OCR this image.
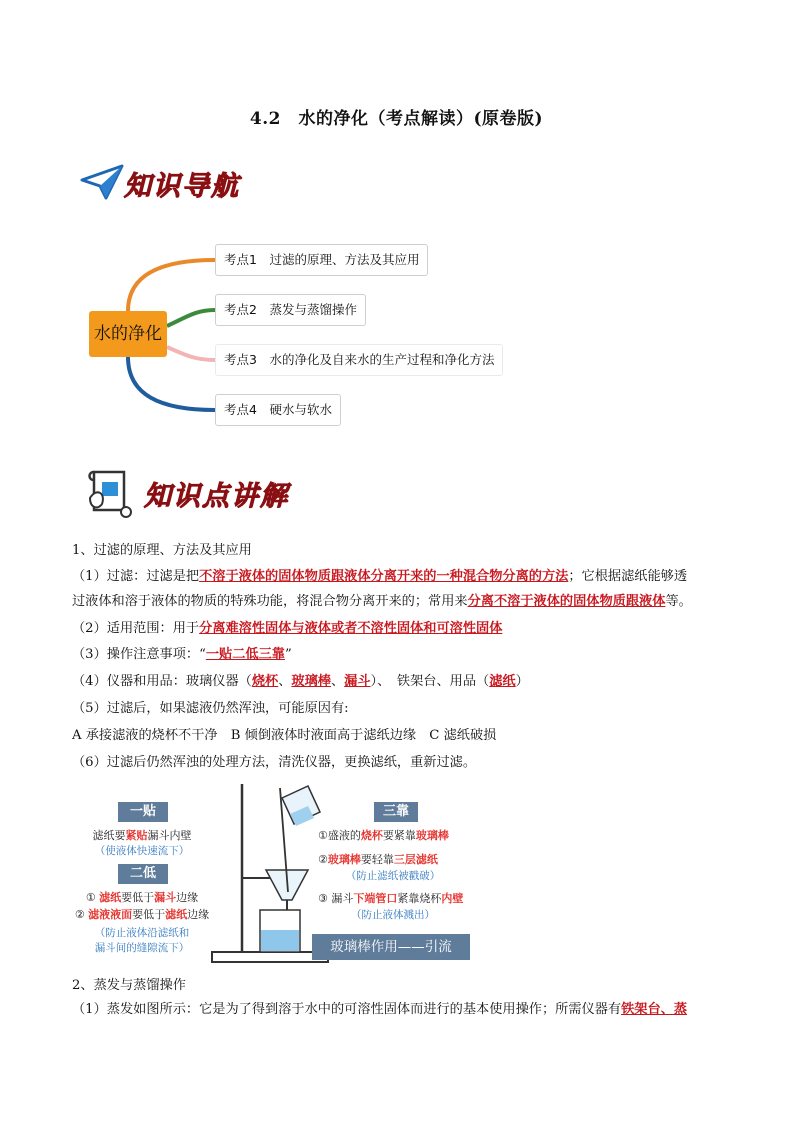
4.2　水的净化（考点解读）(原卷版)
知识导航
水的净化
考点1　过滤的原理、方法及其应用
考点2　蒸发与蒸馏操作
考点3　水的净化及自来水的生产过程和净化方法
考点4　硬水与软水
知识点讲解
1、过滤的原理、方法及其应用
（1）过滤：过滤是把不溶于液体的固体物质跟液体分离开来的一种混合物分离的方法；它根据滤纸能够透
过液体和溶于液体的物质的特殊功能，将混合物分离开来的；常用来分离不溶于液体的固体物质跟液体等。
（2）适用范围：用于分离难溶性固体与液体或者不溶性固体和可溶性固体
（3）操作注意事项：“一贴二低三靠”
（4）仪器和用品：玻璃仪器（烧杯、玻璃棒、漏斗）、　铁架台、用品（滤纸）
（5）过滤后，如果滤液仍然浑浊，可能原因有:
A 承接滤液的烧杯不干净　B 倾倒液体时液面高于滤纸边缘　C 滤纸破损
（6）过滤后仍然浑浊的处理方法，清洗仪器，更换滤纸，重新过滤。
一贴
滤纸要紧贴漏斗内壁
（使液体快速流下）
二低
① 滤纸要低于漏斗边缘
② 滤液液面要低于滤纸边缘
（防止液体沿滤纸和
漏斗间的缝隙流下）
三靠
①盛液的烧杯要紧靠玻璃棒
②玻璃棒要轻靠三层滤纸
（防止滤纸被戳破）
③ 漏斗下端管口紧靠烧杯内壁
（防止液体溅出）
玻璃棒作用——引流
2、蒸发与蒸馏操作
（1）蒸发如图所示：它是为了得到溶于水中的可溶性固体而进行的基本使用操作；所需仪器有铁架台、蒸
